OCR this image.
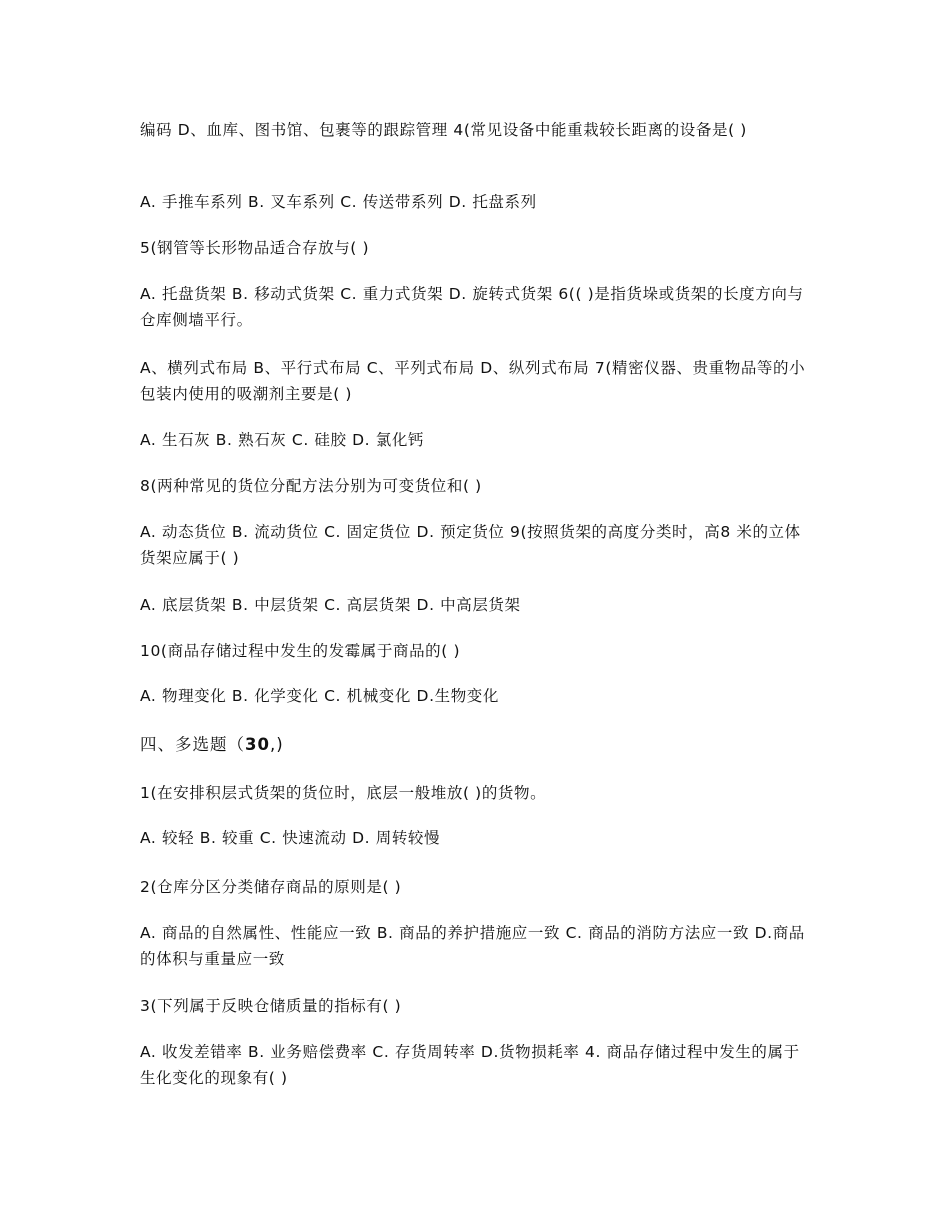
编码 D、血库、图书馆、包裹等的跟踪管理 4(常见设备中能重栽较长距离的设备是( )

A. 手推车系列 B. 叉车系列 C. 传送带系列 D. 托盘系列

5(钢管等长形物品适合存放与( )

A. 托盘货架 B. 移动式货架 C. 重力式货架 D. 旋转式货架 6(( )是指货垛或货架的长度方向与仓库侧墙平行。

A、横列式布局 B、平行式布局 C、平列式布局 D、纵列式布局 7(精密仪器、贵重物品等的小包装内使用的吸潮剂主要是( )

A. 生石灰 B. 熟石灰 C. 硅胶 D. 氯化钙

8(两种常见的货位分配方法分别为可变货位和( )

A. 动态货位 B. 流动货位 C. 固定货位 D. 预定货位 9(按照货架的高度分类时，高8 米的立体货架应属于( )

A. 底层货架 B. 中层货架 C. 高层货架 D. 中高层货架

10(商品存储过程中发生的发霉属于商品的( )

A. 物理变化 B. 化学变化 C. 机械变化 D.生物变化

四、多选题（30,)

1(在安排积层式货架的货位时，底层一般堆放( )的货物。

A. 较轻 B. 较重 C. 快速流动 D. 周转较慢

2(仓库分区分类储存商品的原则是( )

A. 商品的自然属性、性能应一致 B. 商品的养护措施应一致 C. 商品的消防方法应一致 D.商品的体积与重量应一致

3(下列属于反映仓储质量的指标有( )

A. 收发差错率 B. 业务赔偿费率 C. 存货周转率 D.货物损耗率 4. 商品存储过程中发生的属于生化变化的现象有( )
